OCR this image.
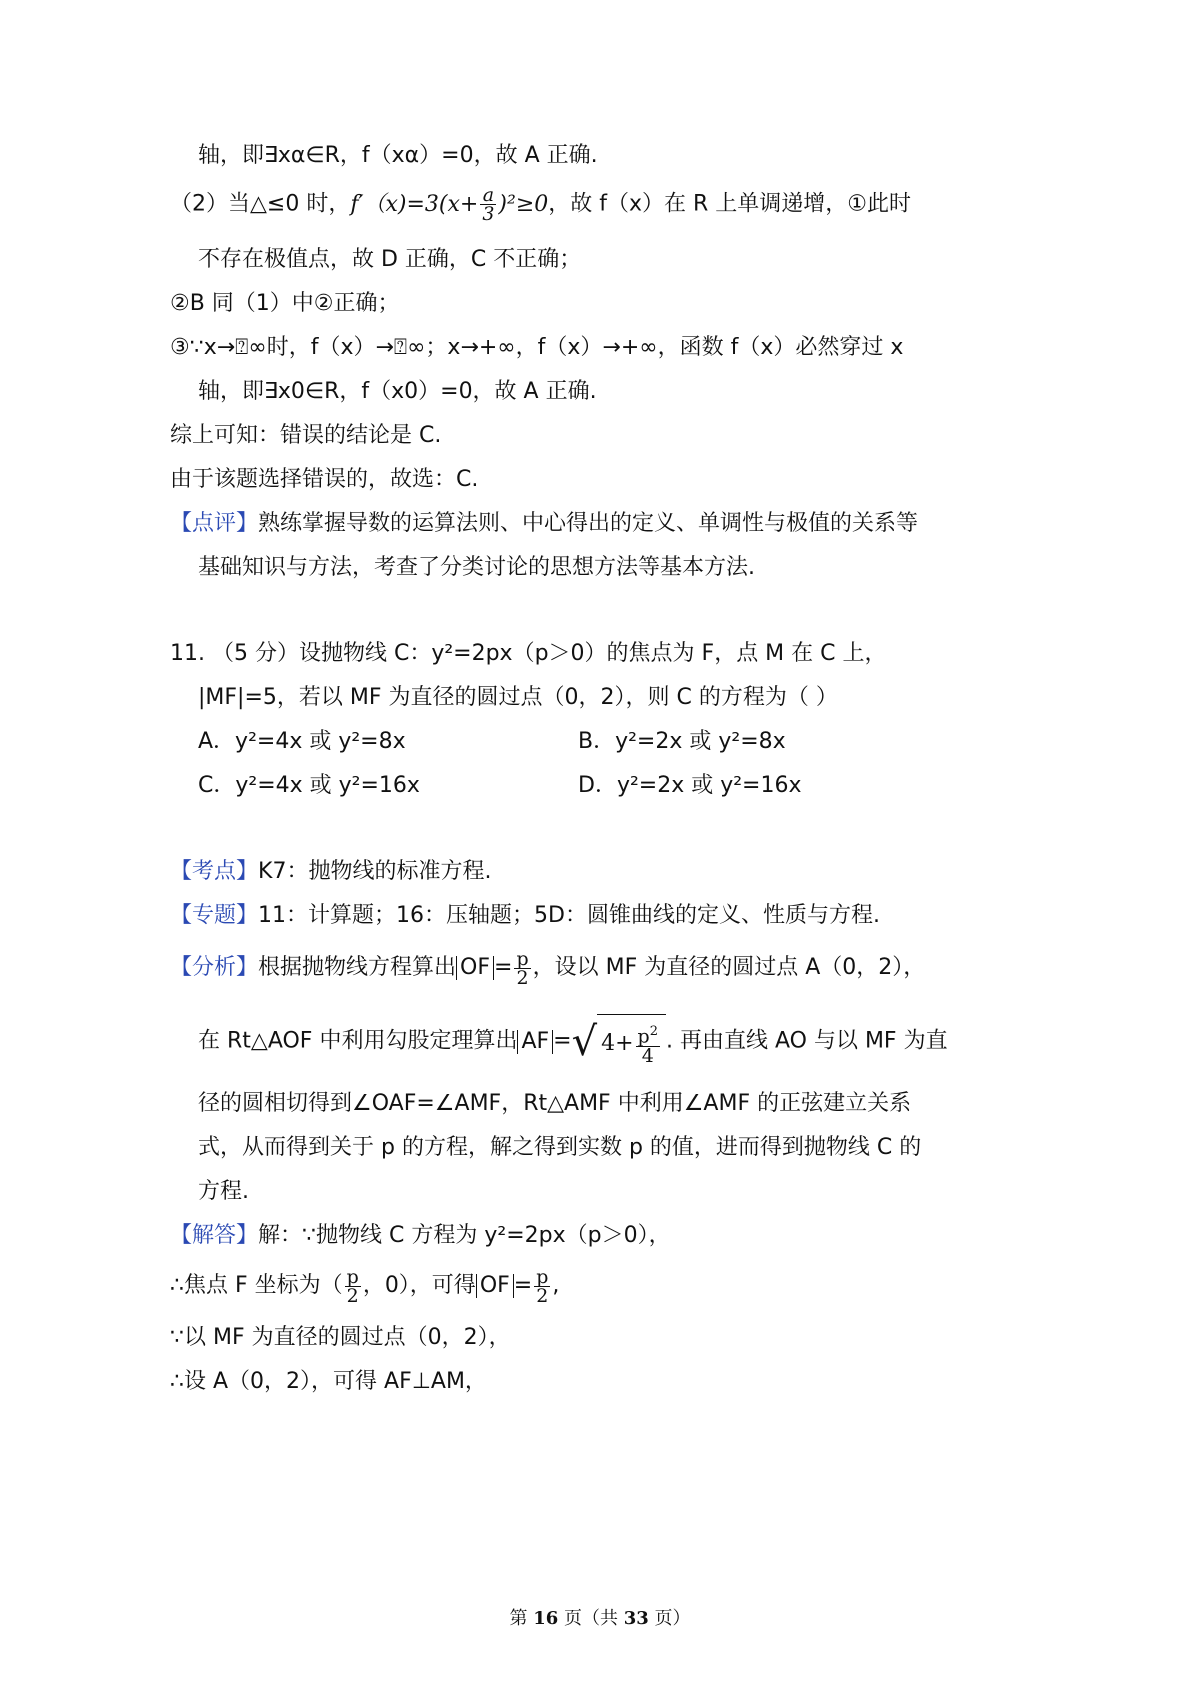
轴，即∃xα∈R，f（xα）=0，故 A 正确.
（2）当△≤0 时，$f'(x)=3(x+ \frac{a}{3} )^2\ge 0$，故 f（x）在 R 上单调递增，①此时
不存在极值点，故 D 正确，C 不正确；
②B 同（1）中②正确；
③∵x→⍰∞时，f（x）→⍰∞；x→+∞，f（x）→+∞，函数 f（x）必然穿过 x
轴，即∃x0∈R，f（x0）=0，故 A 正确.
综上可知：错误的结论是 C.
由于该题选择错误的，故选：C.
【点评】熟练掌握导数的运算法则、中心得出的定义、单调性与极值的关系等
基础知识与方法，考查了分类讨论的思想方法等基本方法.
11. （5 分）设抛物线 C：y²=2px（p＞0）的焦点为 F，点 M 在 C 上，
|MF|=5，若以 MF 为直径的圆过点（0，2），则 C 的方程为（ ）
A．y²=4x 或 y²=8x	B．y²=2x 或 y²=8x
C．y²=4x 或 y²=16x	D．y²=2x 或 y²=16x
【考点】K7：抛物线的标准方程.
【专题】11：计算题；16：压轴题；5D：圆锥曲线的定义、性质与方程.
【分析】根据抛物线方程算出 OF = $\frac{p}{2}$ ，设以 MF 为直径的圆过点 A（0，2），
在 Rt△AOF 中利用勾股定理算出 AF =√ $4+ \frac{p^2}{4}$ . 再由直线 AO 与以 MF 为直
径的圆相切得到∠OAF=∠AMF，Rt△AMF 中利用∠AMF 的正弦建立关系
式，从而得到关于 p 的方程，解之得到实数 p 的值，进而得到抛物线 C 的
方程.
【解答】解：∵抛物线 C 方程为 y²=2px（p＞0），
∴焦点 F 坐标为（ $\frac{p}{2}$ ，0），可得 OF = $\frac{p}{2}$ ,
∵以 MF 为直径的圆过点（0，2），
∴设 A（0，2），可得 AF⊥AM，
第 16 页（共 33 页）
